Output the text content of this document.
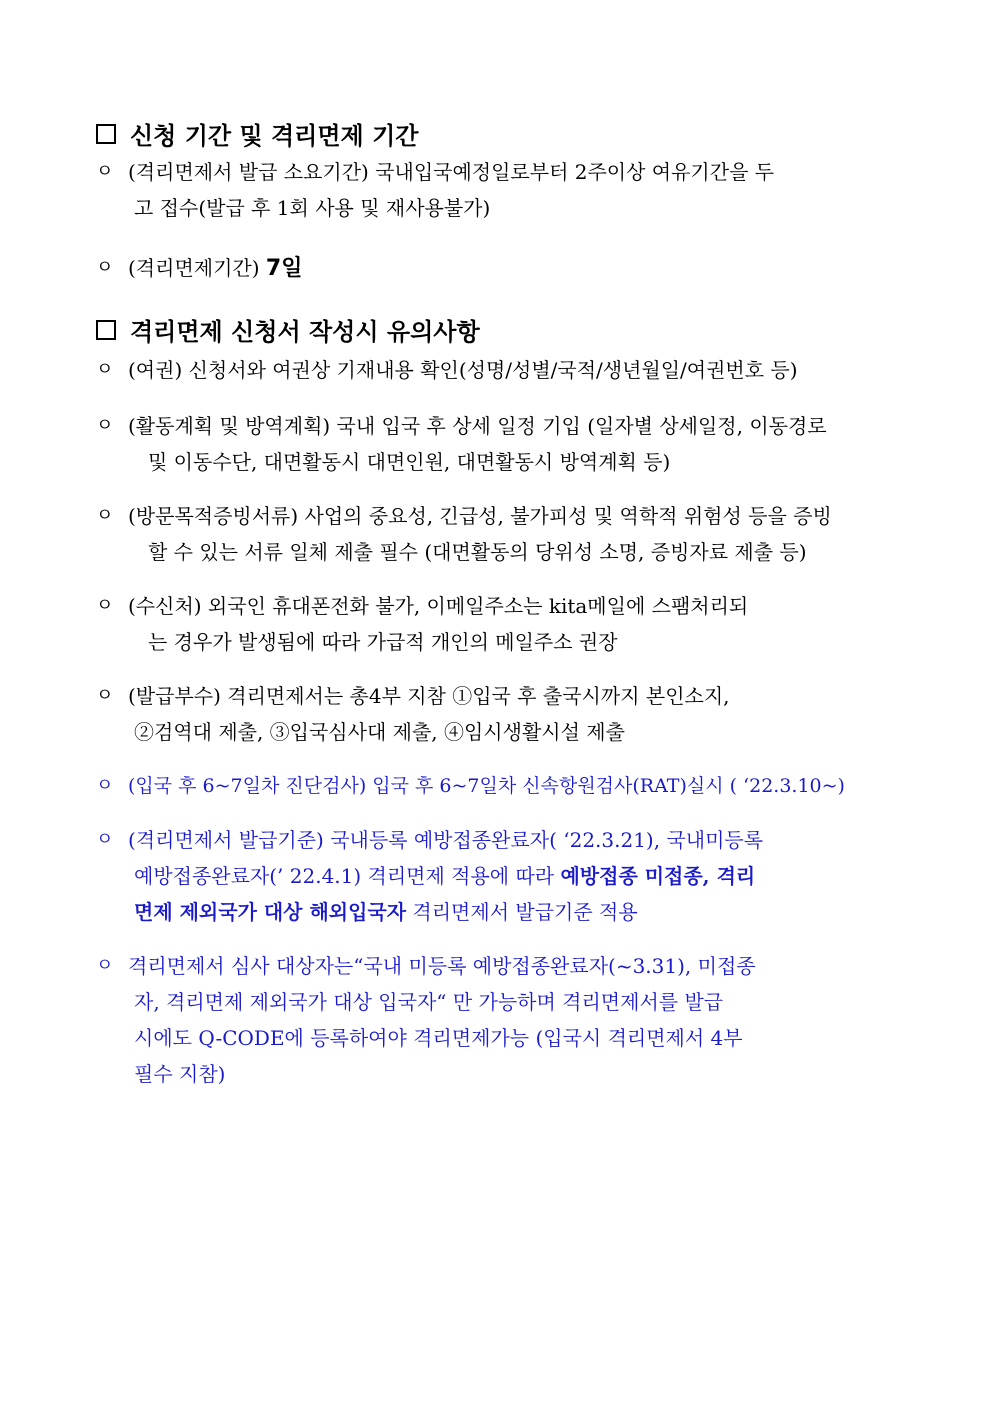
신청 기간 및 격리면제 기간
ㅇ (격리면제서 발급 소요기간) 국내입국예정일로부터 2주이상 여유기간을 두
고 접수(발급 후 1회 사용 및 재사용불가)
ㅇ (격리면제기간) 7일
격리면제 신청서 작성시 유의사항
ㅇ (여권) 신청서와 여권상 기재내용 확인(성명/성별/국적/생년월일/여권번호 등)
ㅇ (활동계획 및 방역계획) 국내 입국 후 상세 일정 기입 (일자별 상세일정, 이동경로
및 이동수단, 대면활동시 대면인원, 대면활동시 방역계획 등)
ㅇ (방문목적증빙서류) 사업의 중요성, 긴급성, 불가피성 및 역학적 위험성 등을 증빙
할 수 있는 서류 일체 제출 필수 (대면활동의 당위성 소명, 증빙자료 제출 등)
ㅇ (수신처) 외국인 휴대폰전화 불가, 이메일주소는 kita메일에 스팸처리되
는 경우가 발생됨에 따라 가급적 개인의 메일주소 권장
ㅇ (발급부수) 격리면제서는 총4부 지참 ①입국 후 출국시까지 본인소지,
②검역대 제출, ③입국심사대 제출, ④임시생활시설 제출
ㅇ (입국 후 6~7일차 진단검사) 입국 후 6~7일차 신속항원검사(RAT)실시 ( ‘22.3.10~)
ㅇ (격리면제서 발급기준) 국내등록 예방접종완료자( ‘22.3.21), 국내미등록
예방접종완료자(’ 22.4.1) 격리면제 적용에 따라 예방접종 미접종, 격리
면제 제외국가 대상 해외입국자 격리면제서 발급기준 적용
ㅇ 격리면제서 심사 대상자는“국내 미등록 예방접종완료자(~3.31), 미접종
자, 격리면제 제외국가 대상 입국자“ 만 가능하며 격리면제서를 발급
시에도 Q-CODE에 등록하여야 격리면제가능 (입국시 격리면제서 4부
필수 지참)
